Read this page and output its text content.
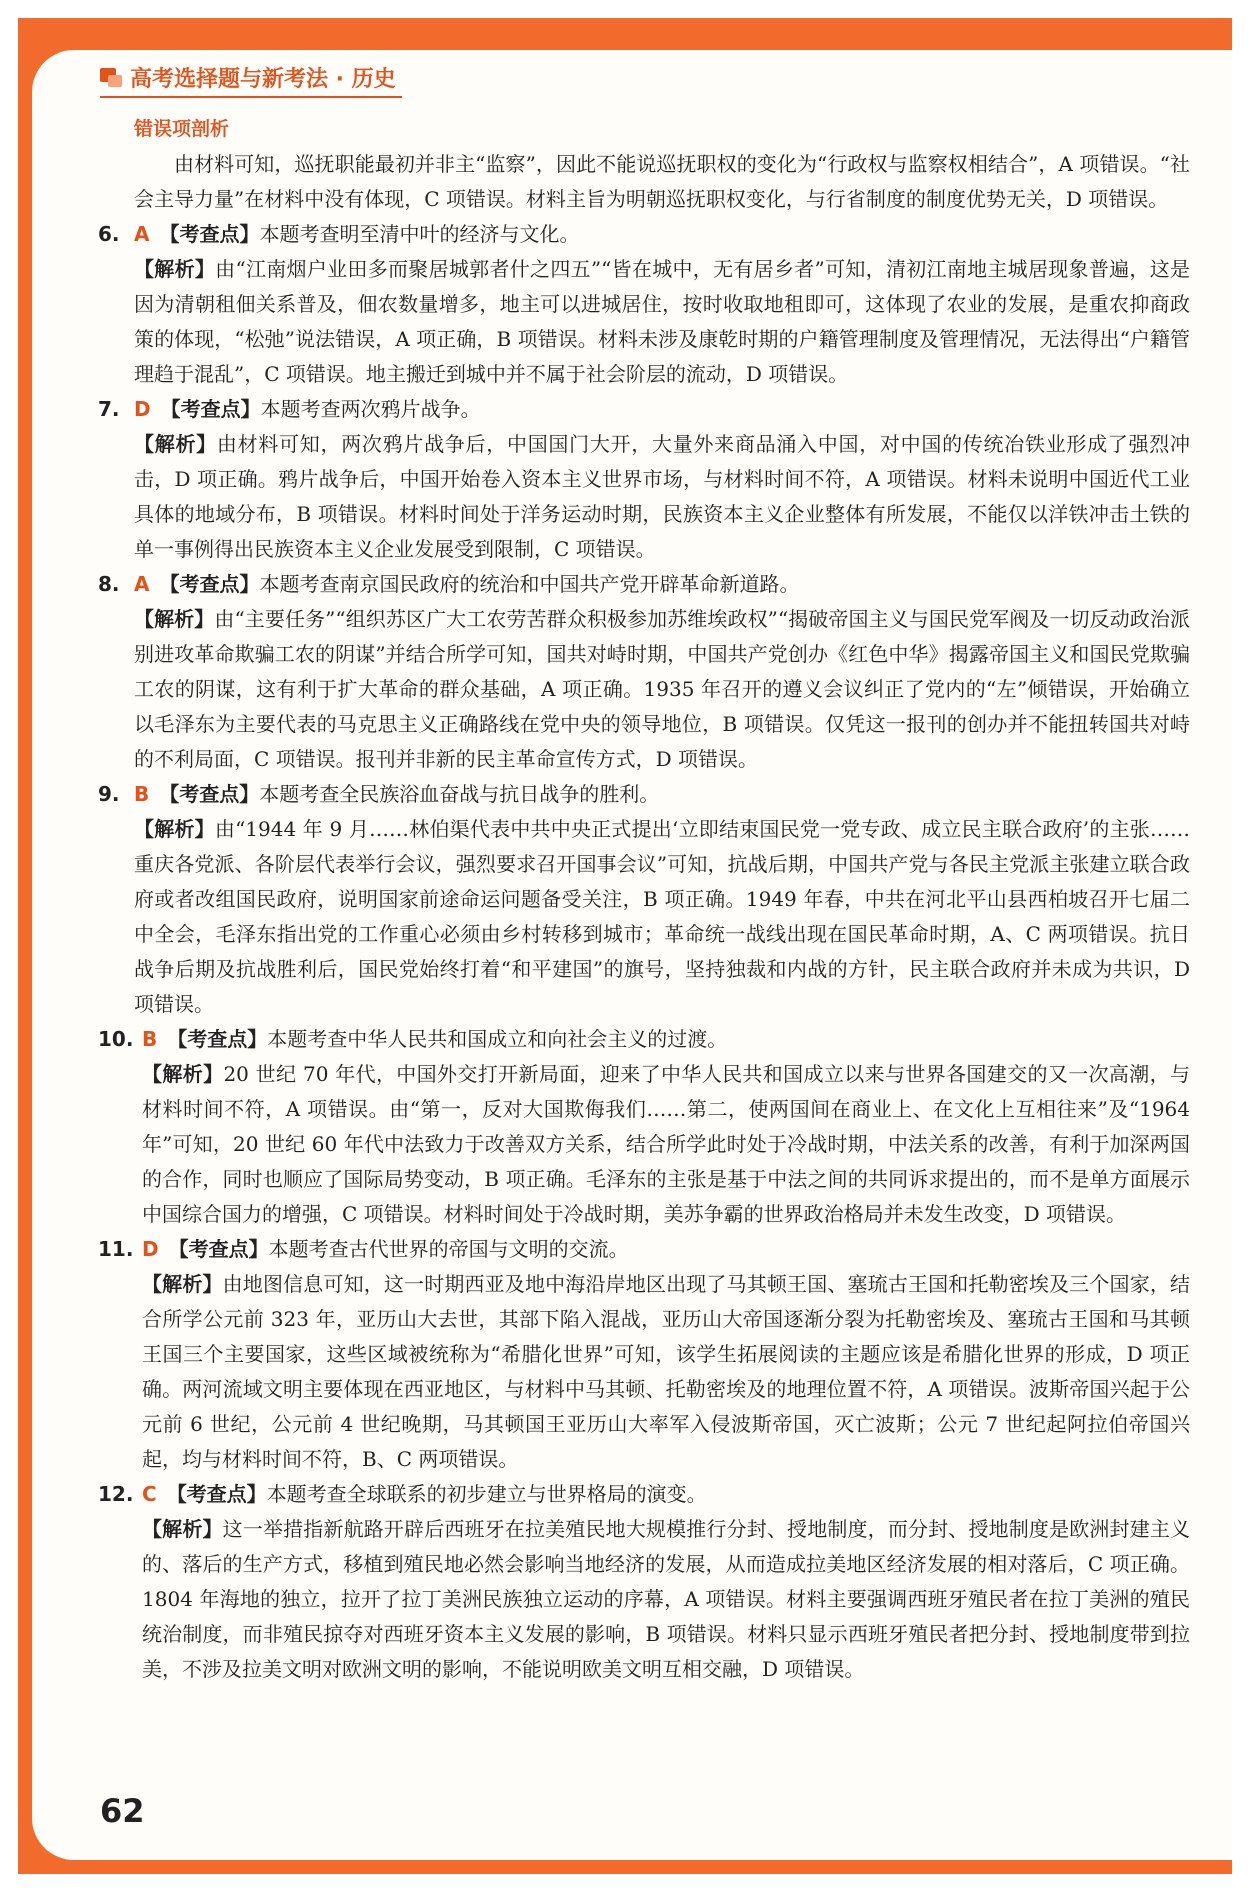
高考选择题与新考法 · 历史
错误项剖析
由材料可知，巡抚职能最初并非主“监察”，因此不能说巡抚职权的变化为“行政权与监察权相结合”，A 项错误。“社会主导力量”在材料中没有体现，C 项错误。材料主旨为明朝巡抚职权变化，与行省制度的制度优势无关，D 项错误。
6. A 【考查点】本题考查明至清中叶的经济与文化。
【解析】由“江南烟户业田多而聚居城郭者什之四五”“皆在城中，无有居乡者”可知，清初江南地主城居现象普遍，这是因为清朝租佃关系普及，佃农数量增多，地主可以进城居住，按时收取地租即可，这体现了农业的发展，是重农抑商政策的体现，“松弛”说法错误，A 项正确，B 项错误。材料未涉及康乾时期的户籍管理制度及管理情况，无法得出“户籍管理趋于混乱”，C 项错误。地主搬迁到城中并不属于社会阶层的流动，D 项错误。
7. D 【考查点】本题考查两次鸦片战争。
【解析】由材料可知，两次鸦片战争后，中国国门大开，大量外来商品涌入中国，对中国的传统冶铁业形成了强烈冲击，D 项正确。鸦片战争后，中国开始卷入资本主义世界市场，与材料时间不符，A 项错误。材料未说明中国近代工业具体的地域分布，B 项错误。材料时间处于洋务运动时期，民族资本主义企业整体有所发展，不能仅以洋铁冲击土铁的单一事例得出民族资本主义企业发展受到限制，C 项错误。
8. A 【考查点】本题考查南京国民政府的统治和中国共产党开辟革命新道路。
【解析】由“主要任务”“组织苏区广大工农劳苦群众积极参加苏维埃政权”“揭破帝国主义与国民党军阀及一切反动政治派别进攻革命欺骗工农的阴谋”并结合所学可知，国共对峙时期，中国共产党创办《红色中华》揭露帝国主义和国民党欺骗工农的阴谋，这有利于扩大革命的群众基础，A 项正确。1935 年召开的遵义会议纠正了党内的“左”倾错误，开始确立以毛泽东为主要代表的马克思主义正确路线在党中央的领导地位，B 项错误。仅凭这一报刊的创办并不能扭转国共对峙的不利局面，C 项错误。报刊并非新的民主革命宣传方式，D 项错误。
9. B 【考查点】本题考查全民族浴血奋战与抗日战争的胜利。
【解析】由“1944 年 9 月……林伯渠代表中共中央正式提出‘立即结束国民党一党专政、成立民主联合政府’的主张……重庆各党派、各阶层代表举行会议，强烈要求召开国事会议”可知，抗战后期，中国共产党与各民主党派主张建立联合政府或者改组国民政府，说明国家前途命运问题备受关注，B 项正确。1949 年春，中共在河北平山县西柏坡召开七届二中全会，毛泽东指出党的工作重心必须由乡村转移到城市；革命统一战线出现在国民革命时期，A、C 两项错误。抗日战争后期及抗战胜利后，国民党始终打着“和平建国”的旗号，坚持独裁和内战的方针，民主联合政府并未成为共识，D 项错误。
10. B 【考查点】本题考查中华人民共和国成立和向社会主义的过渡。
【解析】20 世纪 70 年代，中国外交打开新局面，迎来了中华人民共和国成立以来与世界各国建交的又一次高潮，与材料时间不符，A 项错误。由“第一，反对大国欺侮我们……第二，使两国间在商业上、在文化上互相往来”及“1964 年”可知，20 世纪 60 年代中法致力于改善双方关系，结合所学此时处于冷战时期，中法关系的改善，有利于加深两国的合作，同时也顺应了国际局势变动，B 项正确。毛泽东的主张是基于中法之间的共同诉求提出的，而不是单方面展示中国综合国力的增强，C 项错误。材料时间处于冷战时期，美苏争霸的世界政治格局并未发生改变，D 项错误。
11. D 【考查点】本题考查古代世界的帝国与文明的交流。
【解析】由地图信息可知，这一时期西亚及地中海沿岸地区出现了马其顿王国、塞琉古王国和托勒密埃及三个国家，结合所学公元前 323 年，亚历山大去世，其部下陷入混战，亚历山大帝国逐渐分裂为托勒密埃及、塞琉古王国和马其顿王国三个主要国家，这些区域被统称为“希腊化世界”可知，该学生拓展阅读的主题应该是希腊化世界的形成，D 项正确。两河流域文明主要体现在西亚地区，与材料中马其顿、托勒密埃及的地理位置不符，A 项错误。波斯帝国兴起于公元前 6 世纪，公元前 4 世纪晚期，马其顿国王亚历山大率军入侵波斯帝国，灭亡波斯；公元 7 世纪起阿拉伯帝国兴起，均与材料时间不符，B、C 两项错误。
12. C 【考查点】本题考查全球联系的初步建立与世界格局的演变。
【解析】这一举措指新航路开辟后西班牙在拉美殖民地大规模推行分封、授地制度，而分封、授地制度是欧洲封建主义的、落后的生产方式，移植到殖民地必然会影响当地经济的发展，从而造成拉美地区经济发展的相对落后，C 项正确。1804 年海地的独立，拉开了拉丁美洲民族独立运动的序幕，A 项错误。材料主要强调西班牙殖民者在拉丁美洲的殖民统治制度，而非殖民掠夺对西班牙资本主义发展的影响，B 项错误。材料只显示西班牙殖民者把分封、授地制度带到拉美，不涉及拉美文明对欧洲文明的影响，不能说明欧美文明互相交融，D 项错误。
62
